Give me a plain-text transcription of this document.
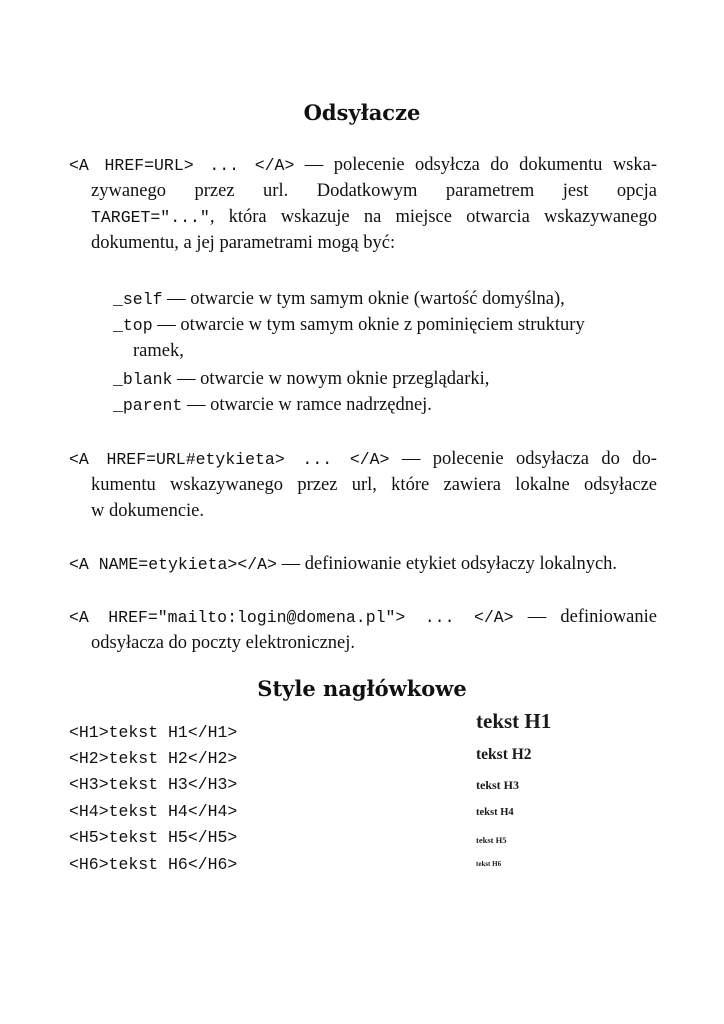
Odsyłacze
<A HREF=URL> ... </A> — polecenie odsyłcza do dokumentu wska-
zywanego przez url. Dodatkowym parametrem jest opcja
TARGET="...", która wskazuje na miejsce otwarcia wskazywanego
dokumentu, a jej parametrami mogą być:
_self — otwarcie w tym samym oknie (wartość domyślna),
_top — otwarcie w tym samym oknie z pominięciem struktury
ramek,
_blank — otwarcie w nowym oknie przeglądarki,
_parent — otwarcie w ramce nadrzędnej.
<A HREF=URL#etykieta> ... </A> — polecenie odsyłacza do do-
kumentu wskazywanego przez url, które zawiera lokalne odsyłacze
w dokumencie.
<A NAME=etykieta></A> — definiowanie etykiet odsyłaczy lokalnych.
<A HREF="mailto:login@domena.pl"> ... </A> — definiowanie
odsyłacza do poczty elektronicznej.
Style nagłówkowe
<H1>tekst H1</H1>
<H2>tekst H2</H2>
<H3>tekst H3</H3>
<H4>tekst H4</H4>
<H5>tekst H5</H5>
<H6>tekst H6</H6>
tekst H1
tekst H2
tekst H3
tekst H4
tekst H5
tekst H6
